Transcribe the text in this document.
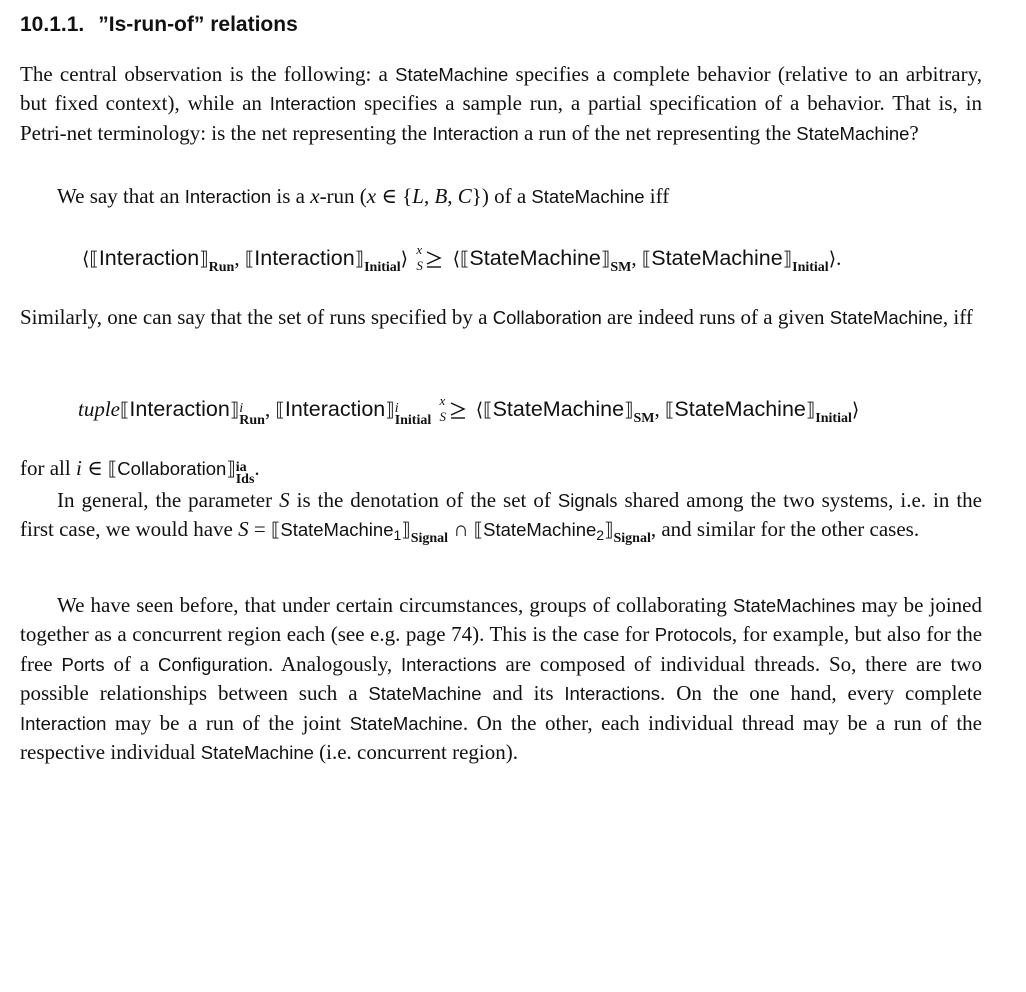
10.1.1. ”Is-run-of” relations

The central observation is the following: a StateMachine specifies a complete behavior (relative to an arbitrary, but fixed context), while an Interaction specifies a sample run, a partial specification of a behavior. That is, in Petri-net terminology: is the net representing the Interaction a run of the net representing the StateMachine?

We say that an Interaction is a x-run (x ∈ {L, B, C}) of a StateMachine iff

$⟨⟦Interaction⟧_{Run}$, $⟦Interaction⟧_{Initial}⟩$ x
S $⟨⟦StateMachine⟧_{SM}$, $⟦StateMachine⟧_{Initial}⟩$.

Similarly, one can say that the set of runs specified by a Collaboration are indeed runs of a given StateMachine, iff

tuple⟦Interaction⟧ i
Run , ⟦Interaction⟧ i
Initial

x
S $⟨⟦StateMachine⟧_{SM}$, $⟦StateMachine⟧_{Initial}⟩$

for all i ∈ ⟦Collaboration⟧ ia
Ids .

In general, the parameter S is the denotation of the set of Signals shared among the two systems, i.e. in the first case, we would have $S = ⟦StateMachine1⟧_{Signal}$ ∩ $⟦StateMachine2⟧_{Signal}$, and similar for the other cases.

We have seen before, that under certain circumstances, groups of collaborating StateMachines may be joined together as a concurrent region each (see e.g. page 74). This is the case for Protocols, for example, but also for the free Ports of a Configuration. Analogously, Interactions are composed of individual threads. So, there are two possible relationships between such a StateMachine and its Interactions. On the one hand, every complete Interaction may be a run of the joint StateMachine. On the other, each individual thread may be a run of the respective individual StateMachine (i.e. concurrent region).
